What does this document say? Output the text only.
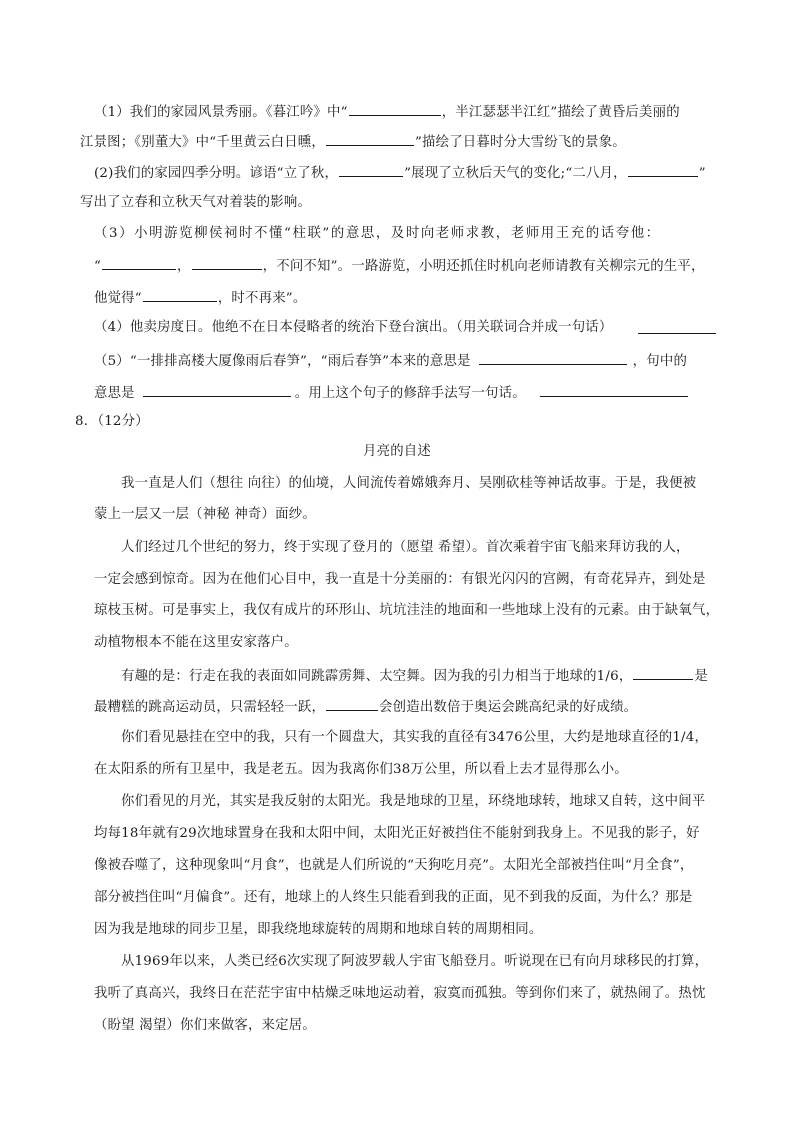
（1）我们的家园风景秀丽。《暮江吟》中“	，半江瑟瑟半江红”描绘了黄昏后美丽的
江景图；《别董大》中“千里黄云白日曛，	”描绘了日暮时分大雪纷飞的景象。
(2)我们的家园四季分明。谚语“立了秋，	”展现了立秋后天气的变化;“二八月，	”
写出了立春和立秋天气对着装的影响。
（3）小明游览柳侯祠时不懂“柱联”的意思，及时向老师求教，老师用王充的话夸他：
“	，	，不问不知”。一路游览，小明还抓住时机向老师请教有关柳宗元的生平，
他觉得“	，时不再来”。
（4）他卖房度日。他绝不在日本侵略者的统治下登台演出。（用关联词合并成一句话）
（5）“一排排高楼大厦像雨后春笋”，“雨后春笋”本来的意思是	，句中的
意思是	。用上这个句子的修辞手法写一句话。
8．（12分）
月亮的自述
我一直是人们（想往 向往）的仙境，人间流传着嫦娥奔月、吴刚砍桂等神话故事。于是，我便被
蒙上一层又一层（神秘 神奇）面纱。
人们经过几个世纪的努力，终于实现了登月的（愿望 希望）。首次乘着宇宙飞船来拜访我的人，
一定会感到惊奇。因为在他们心目中，我一直是十分美丽的：有银光闪闪的宫阙，有奇花异卉，到处是
琼枝玉树。可是事实上，我仅有成片的环形山、坑坑洼洼的地面和一些地球上没有的元素。由于缺氧气，
动植物根本不能在这里安家落户。
有趣的是：行走在我的表面如同跳霹雳舞、太空舞。因为我的引力相当于地球的1/6，	是
最糟糕的跳高运动员，只需轻轻一跃，	会创造出数倍于奥运会跳高纪录的好成绩。
你们看见悬挂在空中的我，只有一个圆盘大，其实我的直径有3476公里，大约是地球直径的1/4，
在太阳系的所有卫星中，我是老五。因为我离你们38万公里，所以看上去才显得那么小。
你们看见的月光，其实是我反射的太阳光。我是地球的卫星，环绕地球转，地球又自转，这中间平
均每18年就有29次地球置身在我和太阳中间，太阳光正好被挡住不能射到我身上。不见我的影子，好
像被吞噬了，这种现象叫“月食”，也就是人们所说的“天狗吃月亮”。太阳光全部被挡住叫“月全食”，
部分被挡住叫“月偏食”。还有，地球上的人终生只能看到我的正面，见不到我的反面，为什么？那是
因为我是地球的同步卫星，即我绕地球旋转的周期和地球自转的周期相同。
从1969年以来，人类已经6次实现了阿波罗载人宇宙飞船登月。听说现在已有向月球移民的打算，
我听了真高兴，我终日在茫茫宇宙中枯燥乏味地运动着，寂寞而孤独。等到你们来了，就热闹了。热忱
（盼望 渴望）你们来做客，来定居。
